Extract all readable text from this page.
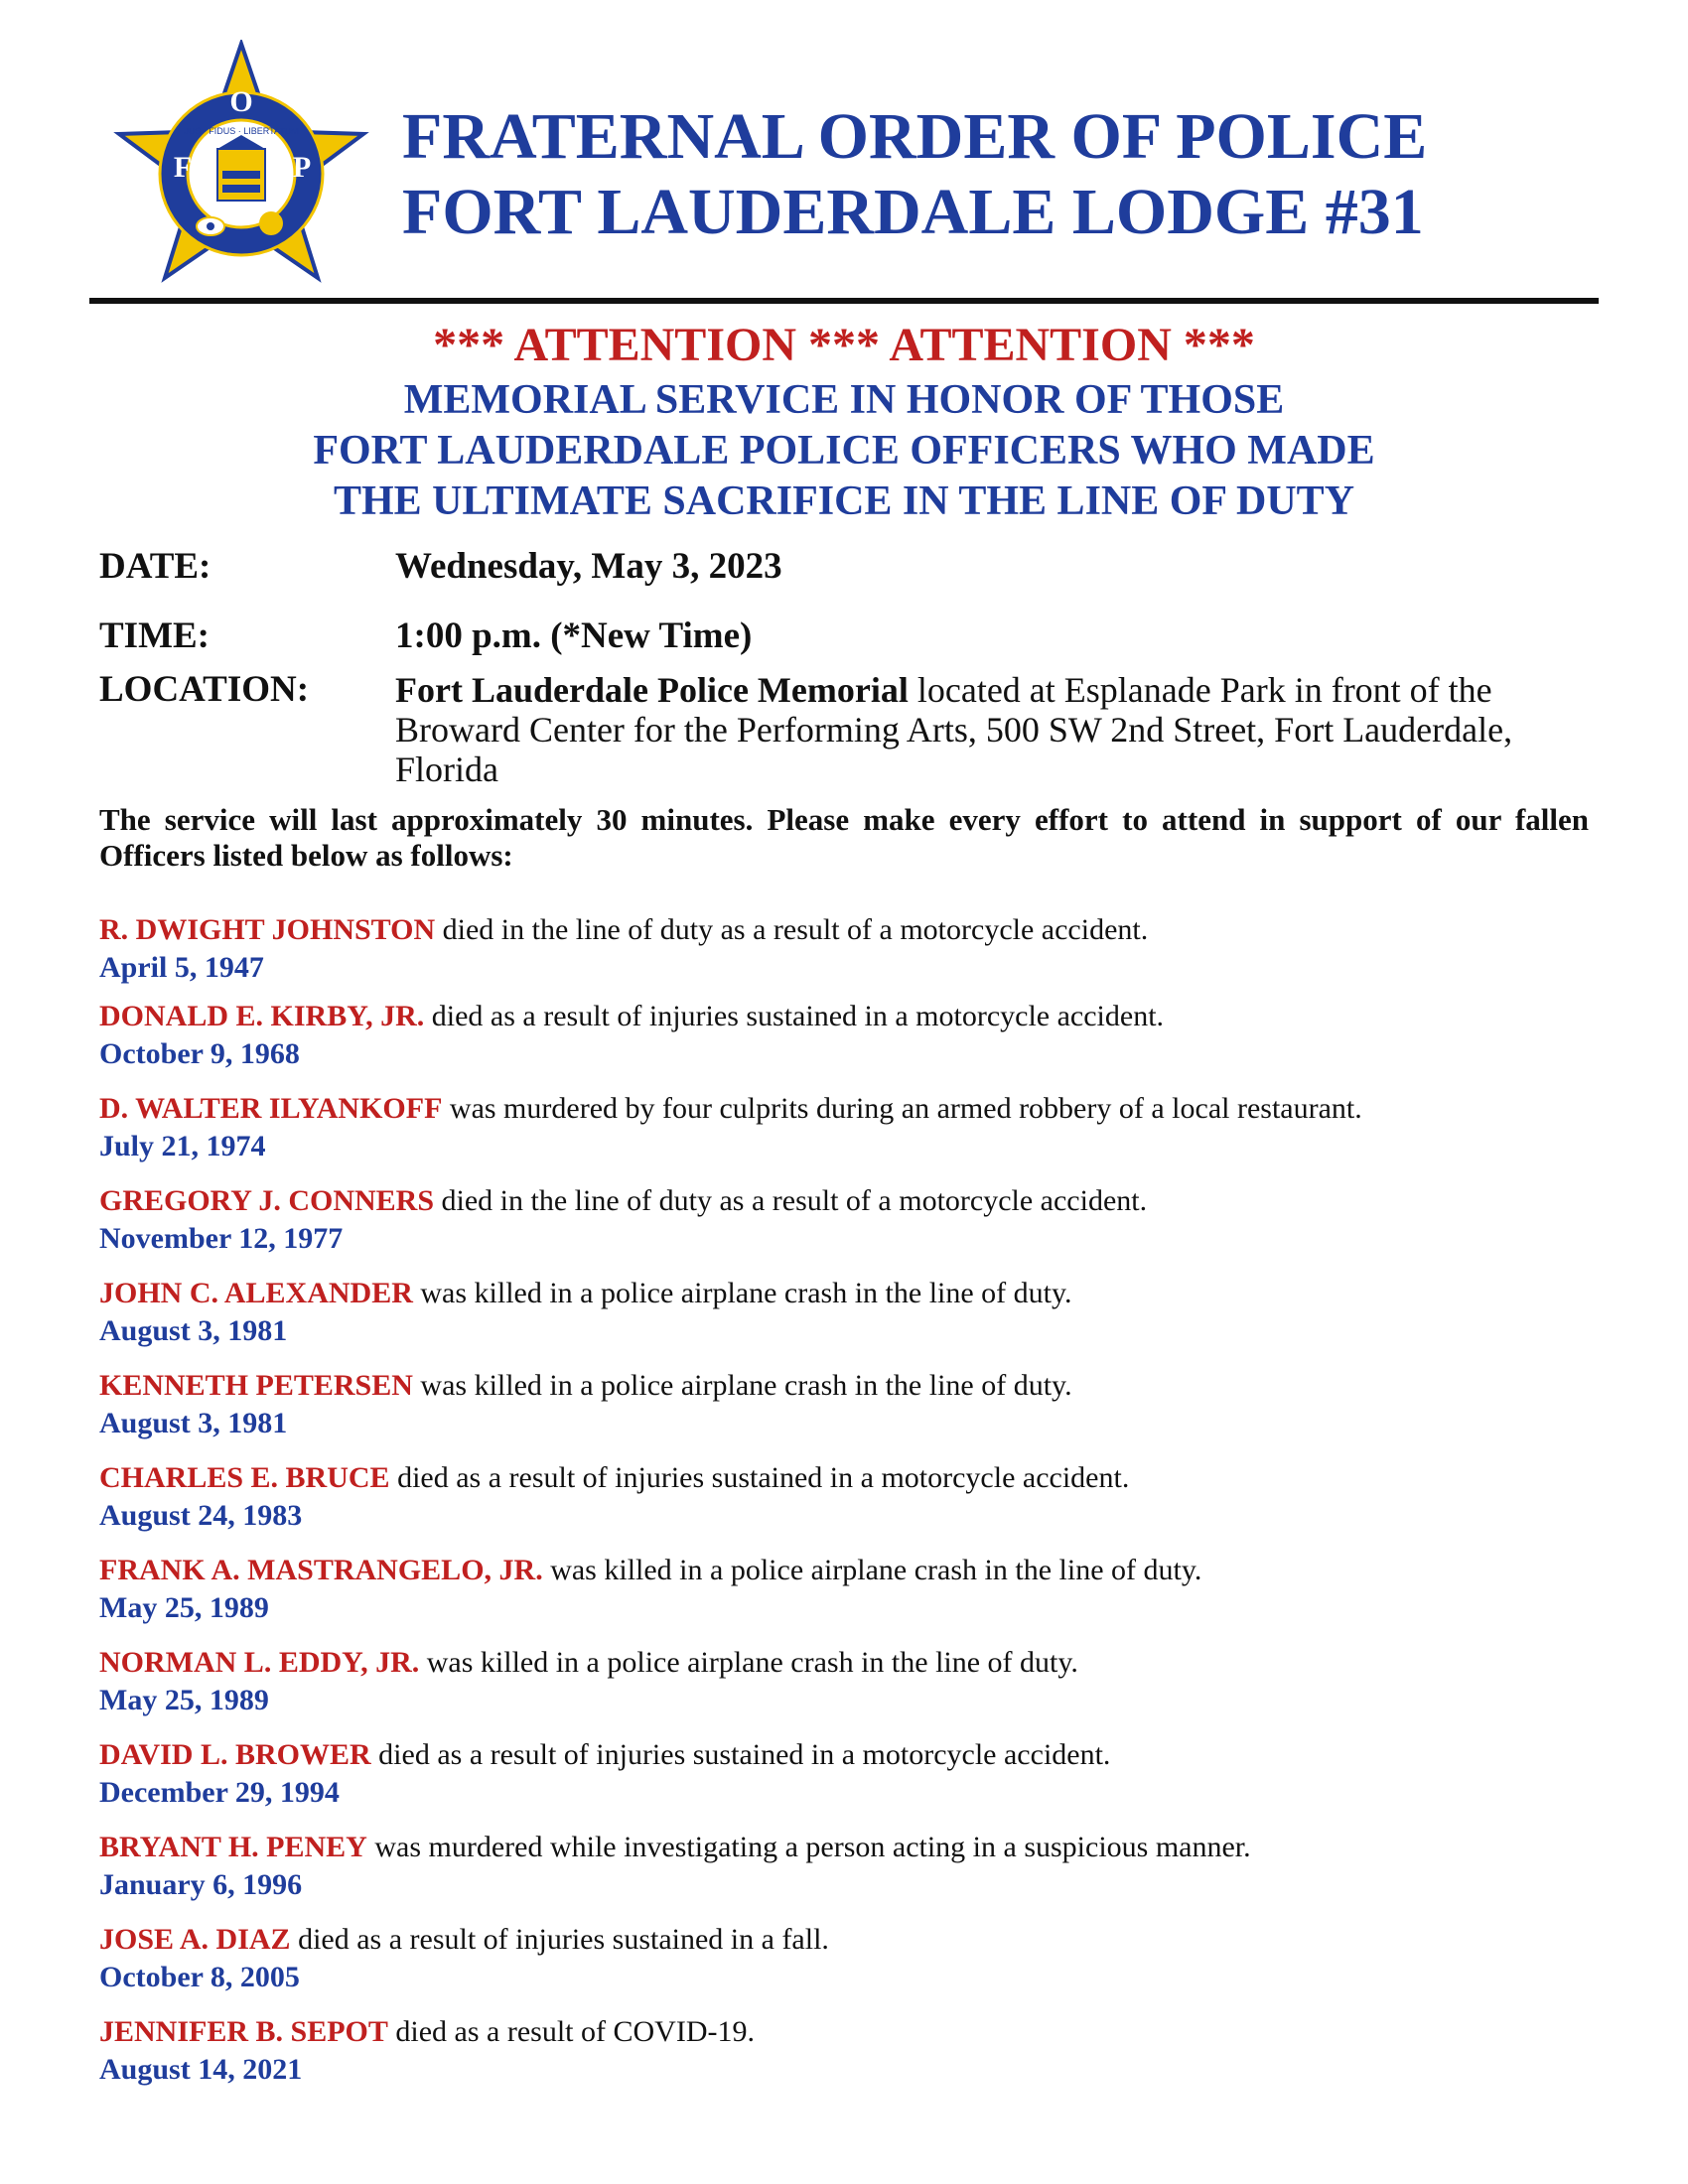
F
O
P
JUS · FIDUS · LIBERTATUM FRATERNAL ORDER OF POLICE
FORT LAUDERDALE LODGE #31
*** ATTENTION *** ATTENTION ***
MEMORIAL SERVICE IN HONOR OF THOSE
FORT LAUDERDALE POLICE OFFICERS WHO MADE
THE ULTIMATE SACRIFICE IN THE LINE OF DUTY
DATE:	Wednesday, May 3, 2023
TIME:	1:00 p.m. (*New Time)
LOCATION:	Fort Lauderdale Police Memorial located at Esplanade Park in front of the Broward Center for the Performing Arts, 500 SW 2nd Street, Fort Lauderdale, Florida
The service will last approximately 30 minutes. Please make every effort to attend in support of our fallen Officers listed below as follows:
R. DWIGHT JOHNSTON died in the line of duty as a result of a motorcycle accident.
April 5, 1947
DONALD E. KIRBY, JR. died as a result of injuries sustained in a motorcycle accident.
October 9, 1968
D. WALTER ILYANKOFF was murdered by four culprits during an armed robbery of a local restaurant.
July 21, 1974
GREGORY J. CONNERS died in the line of duty as a result of a motorcycle accident.
November 12, 1977
JOHN C. ALEXANDER was killed in a police airplane crash in the line of duty.
August 3, 1981
KENNETH PETERSEN was killed in a police airplane crash in the line of duty.
August 3, 1981
CHARLES E. BRUCE died as a result of injuries sustained in a motorcycle accident.
August 24, 1983
FRANK A. MASTRANGELO, JR. was killed in a police airplane crash in the line of duty.
May 25, 1989
NORMAN L. EDDY, JR. was killed in a police airplane crash in the line of duty.
May 25, 1989
DAVID L. BROWER died as a result of injuries sustained in a motorcycle accident.
December 29, 1994
BRYANT H. PENEY was murdered while investigating a person acting in a suspicious manner.
January 6, 1996
JOSE A. DIAZ died as a result of injuries sustained in a fall.
October 8, 2005
JENNIFER B. SEPOT died as a result of COVID-19.
August 14, 2021
